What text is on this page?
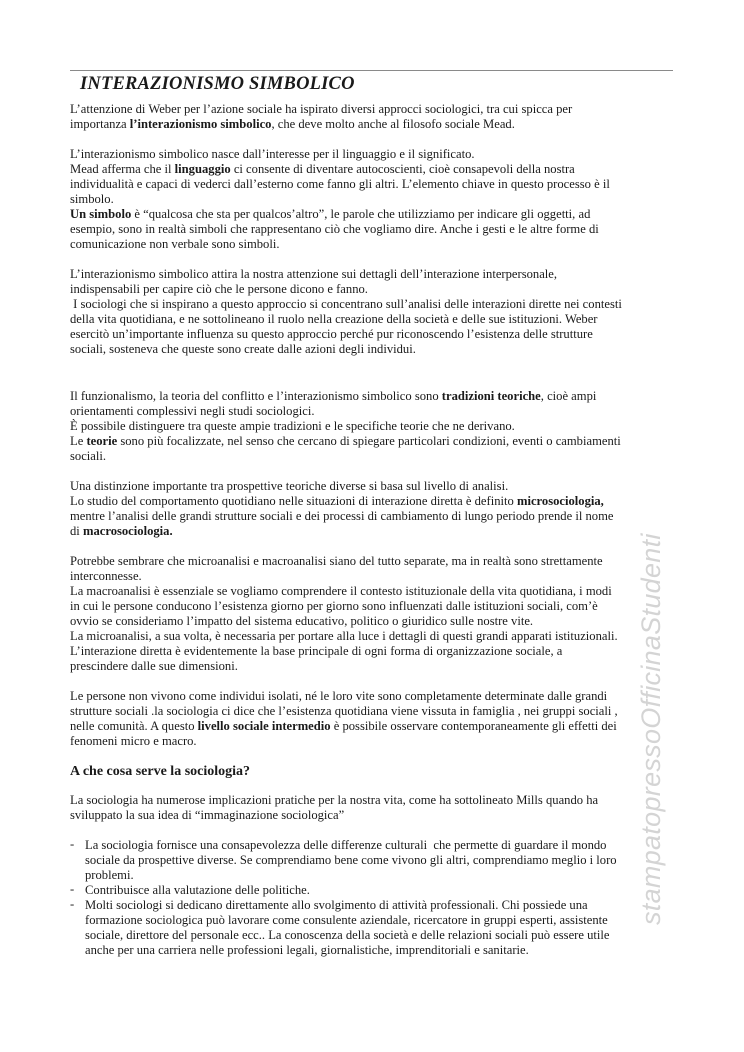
INTERAZIONISMO SIMBOLICO
L’attenzione di Weber per l’azione sociale ha ispirato diversi approcci sociologici, tra cui spicca per
importanza l’interazionismo simbolico, che deve molto anche al filosofo sociale Mead.
L’interazionismo simbolico nasce dall’interesse per il linguaggio e il significato.
Mead afferma che il linguaggio ci consente di diventare autocoscienti, cioè consapevoli della nostra
individualità e capaci di vederci dall’esterno come fanno gli altri. L’elemento chiave in questo processo è il
simbolo.
Un simbolo è “qualcosa che sta per qualcos’altro”, le parole che utilizziamo per indicare gli oggetti, ad
esempio, sono in realtà simboli che rappresentano ciò che vogliamo dire. Anche i gesti e le altre forme di
comunicazione non verbale sono simboli.
L’interazionismo simbolico attira la nostra attenzione sui dettagli dell’interazione interpersonale,
indispensabili per capire ciò che le persone dicono e fanno.
I sociologi che si inspirano a questo approccio si concentrano sull’analisi delle interazioni dirette nei contesti
della vita quotidiana, e ne sottolineano il ruolo nella creazione della società e delle sue istituzioni. Weber
esercitò un’importante influenza su questo approccio perché pur riconoscendo l’esistenza delle strutture
sociali, sosteneva che queste sono create dalle azioni degli individui.
Il funzionalismo, la teoria del conflitto e l’interazionismo simbolico sono tradizioni teoriche, cioè ampi
orientamenti complessivi negli studi sociologici.
È possibile distinguere tra queste ampie tradizioni e le specifiche teorie che ne derivano.
Le teorie sono più focalizzate, nel senso che cercano di spiegare particolari condizioni, eventi o cambiamenti
sociali.
Una distinzione importante tra prospettive teoriche diverse si basa sul livello di analisi.
Lo studio del comportamento quotidiano nelle situazioni di interazione diretta è definito microsociologia,
mentre l’analisi delle grandi strutture sociali e dei processi di cambiamento di lungo periodo prende il nome
di macrosociologia.
Potrebbe sembrare che microanalisi e macroanalisi siano del tutto separate, ma in realtà sono strettamente
interconnesse.
La macroanalisi è essenziale se vogliamo comprendere il contesto istituzionale della vita quotidiana, i modi
in cui le persone conducono l’esistenza giorno per giorno sono influenzati dalle istituzioni sociali, com’è
ovvio se consideriamo l’impatto del sistema educativo, politico o giuridico sulle nostre vite.
La microanalisi, a sua volta, è necessaria per portare alla luce i dettagli di questi grandi apparati istituzionali.
L’interazione diretta è evidentemente la base principale di ogni forma di organizzazione sociale, a
prescindere dalle sue dimensioni.
Le persone non vivono come individui isolati, né le loro vite sono completamente determinate dalle grandi
strutture sociali .la sociologia ci dice che l’esistenza quotidiana viene vissuta in famiglia , nei gruppi sociali ,
nelle comunità. A questo livello sociale intermedio è possibile osservare contemporaneamente gli effetti dei
fenomeni micro e macro.
A che cosa serve la sociologia?
La sociologia ha numerose implicazioni pratiche per la nostra vita, come ha sottolineato Mills quando ha
sviluppato la sua idea di “immaginazione sociologica”
- La sociologia fornisce una consapevolezza delle differenze culturali  che permette di guardare il mondo
sociale da prospettive diverse. Se comprendiamo bene come vivono gli altri, comprendiamo meglio i loro
problemi.
- Contribuisce alla valutazione delle politiche.
- Molti sociologi si dedicano direttamente allo svolgimento di attività professionali. Chi possiede una
formazione sociologica può lavorare come consulente aziendale, ricercatore in gruppi esperti, assistente
sociale, direttore del personale ecc.. La conoscenza della società e delle relazioni sociali può essere utile
anche per una carriera nelle professioni legali, giornalistiche, imprenditoriali e sanitarie.
stampatopressoOfficinaStudenti
